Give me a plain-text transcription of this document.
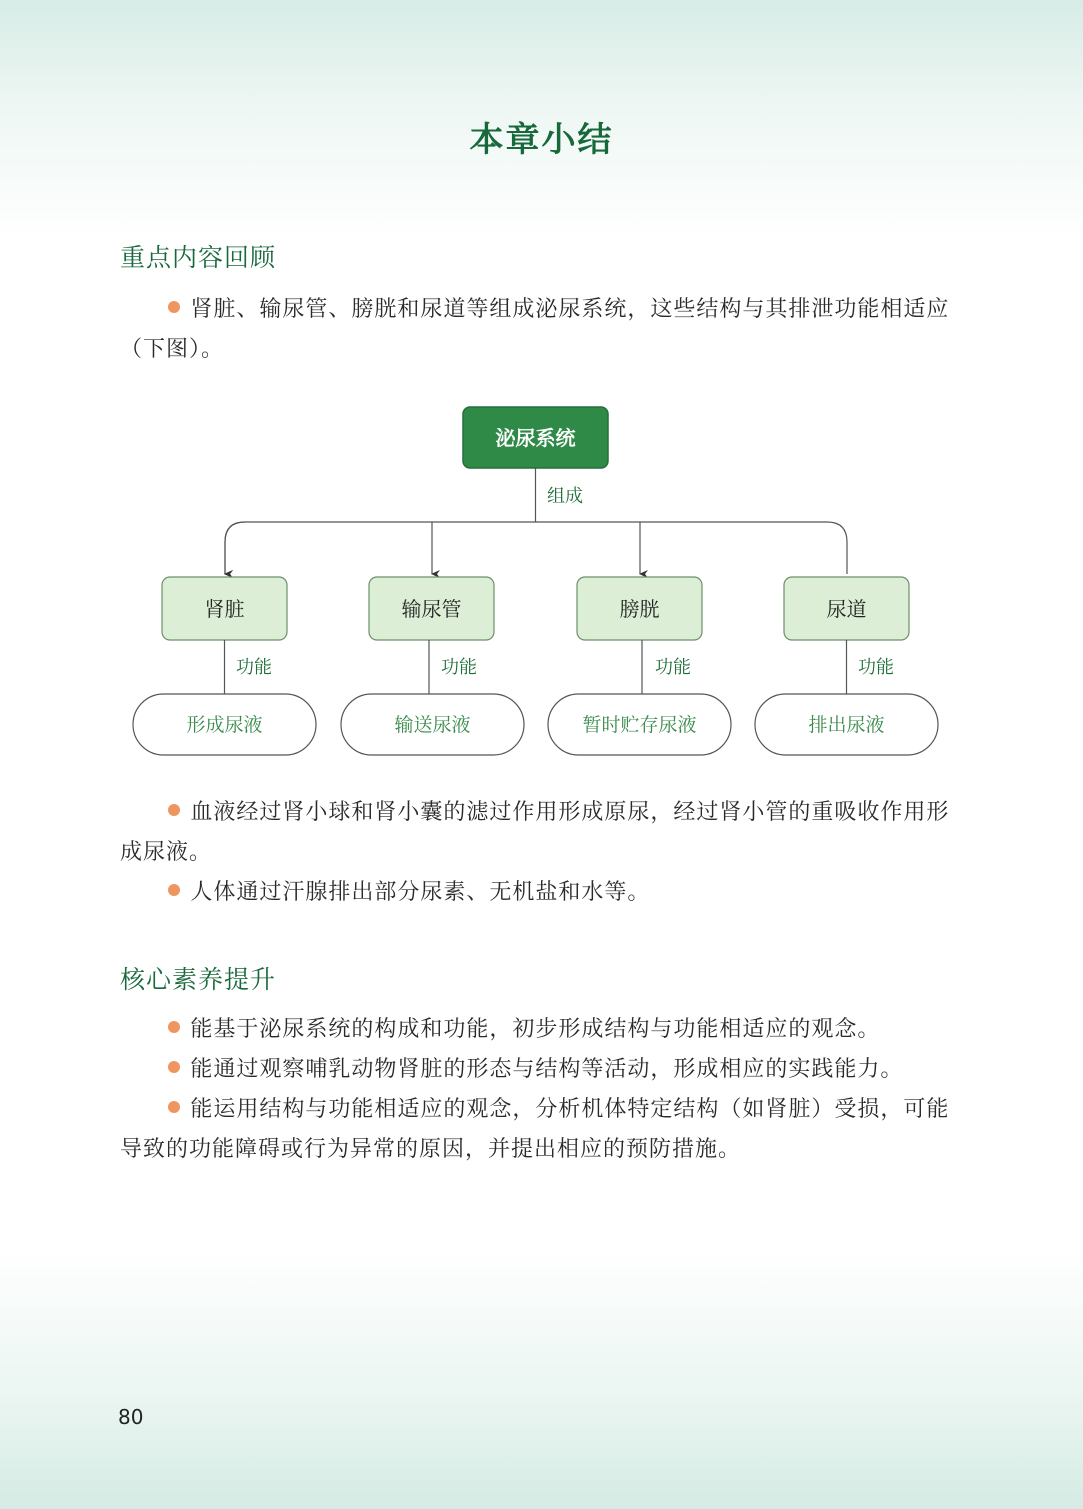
本章小结
重点内容回顾

肾脏、输尿管、膀胱和尿道等组成泌尿系统，这些结构与其排泄功能相适应（下图）。

泌尿系统
组成
肾脏	输尿管	膀胱	尿道
功能	功能	功能	功能
形成尿液	输送尿液	暂时贮存尿液	排出尿液

血液经过肾小球和肾小囊的滤过作用形成原尿，经过肾小管的重吸收作用形成尿液。

人体通过汗腺排出部分尿素、无机盐和水等。

核心素养提升

能基于泌尿系统的构成和功能，初步形成结构与功能相适应的观念。

能通过观察哺乳动物肾脏的形态与结构等活动，形成相应的实践能力。

能运用结构与功能相适应的观念，分析机体特定结构（如肾脏）受损，可能导致的功能障碍或行为异常的原因，并提出相应的预防措施。

80
